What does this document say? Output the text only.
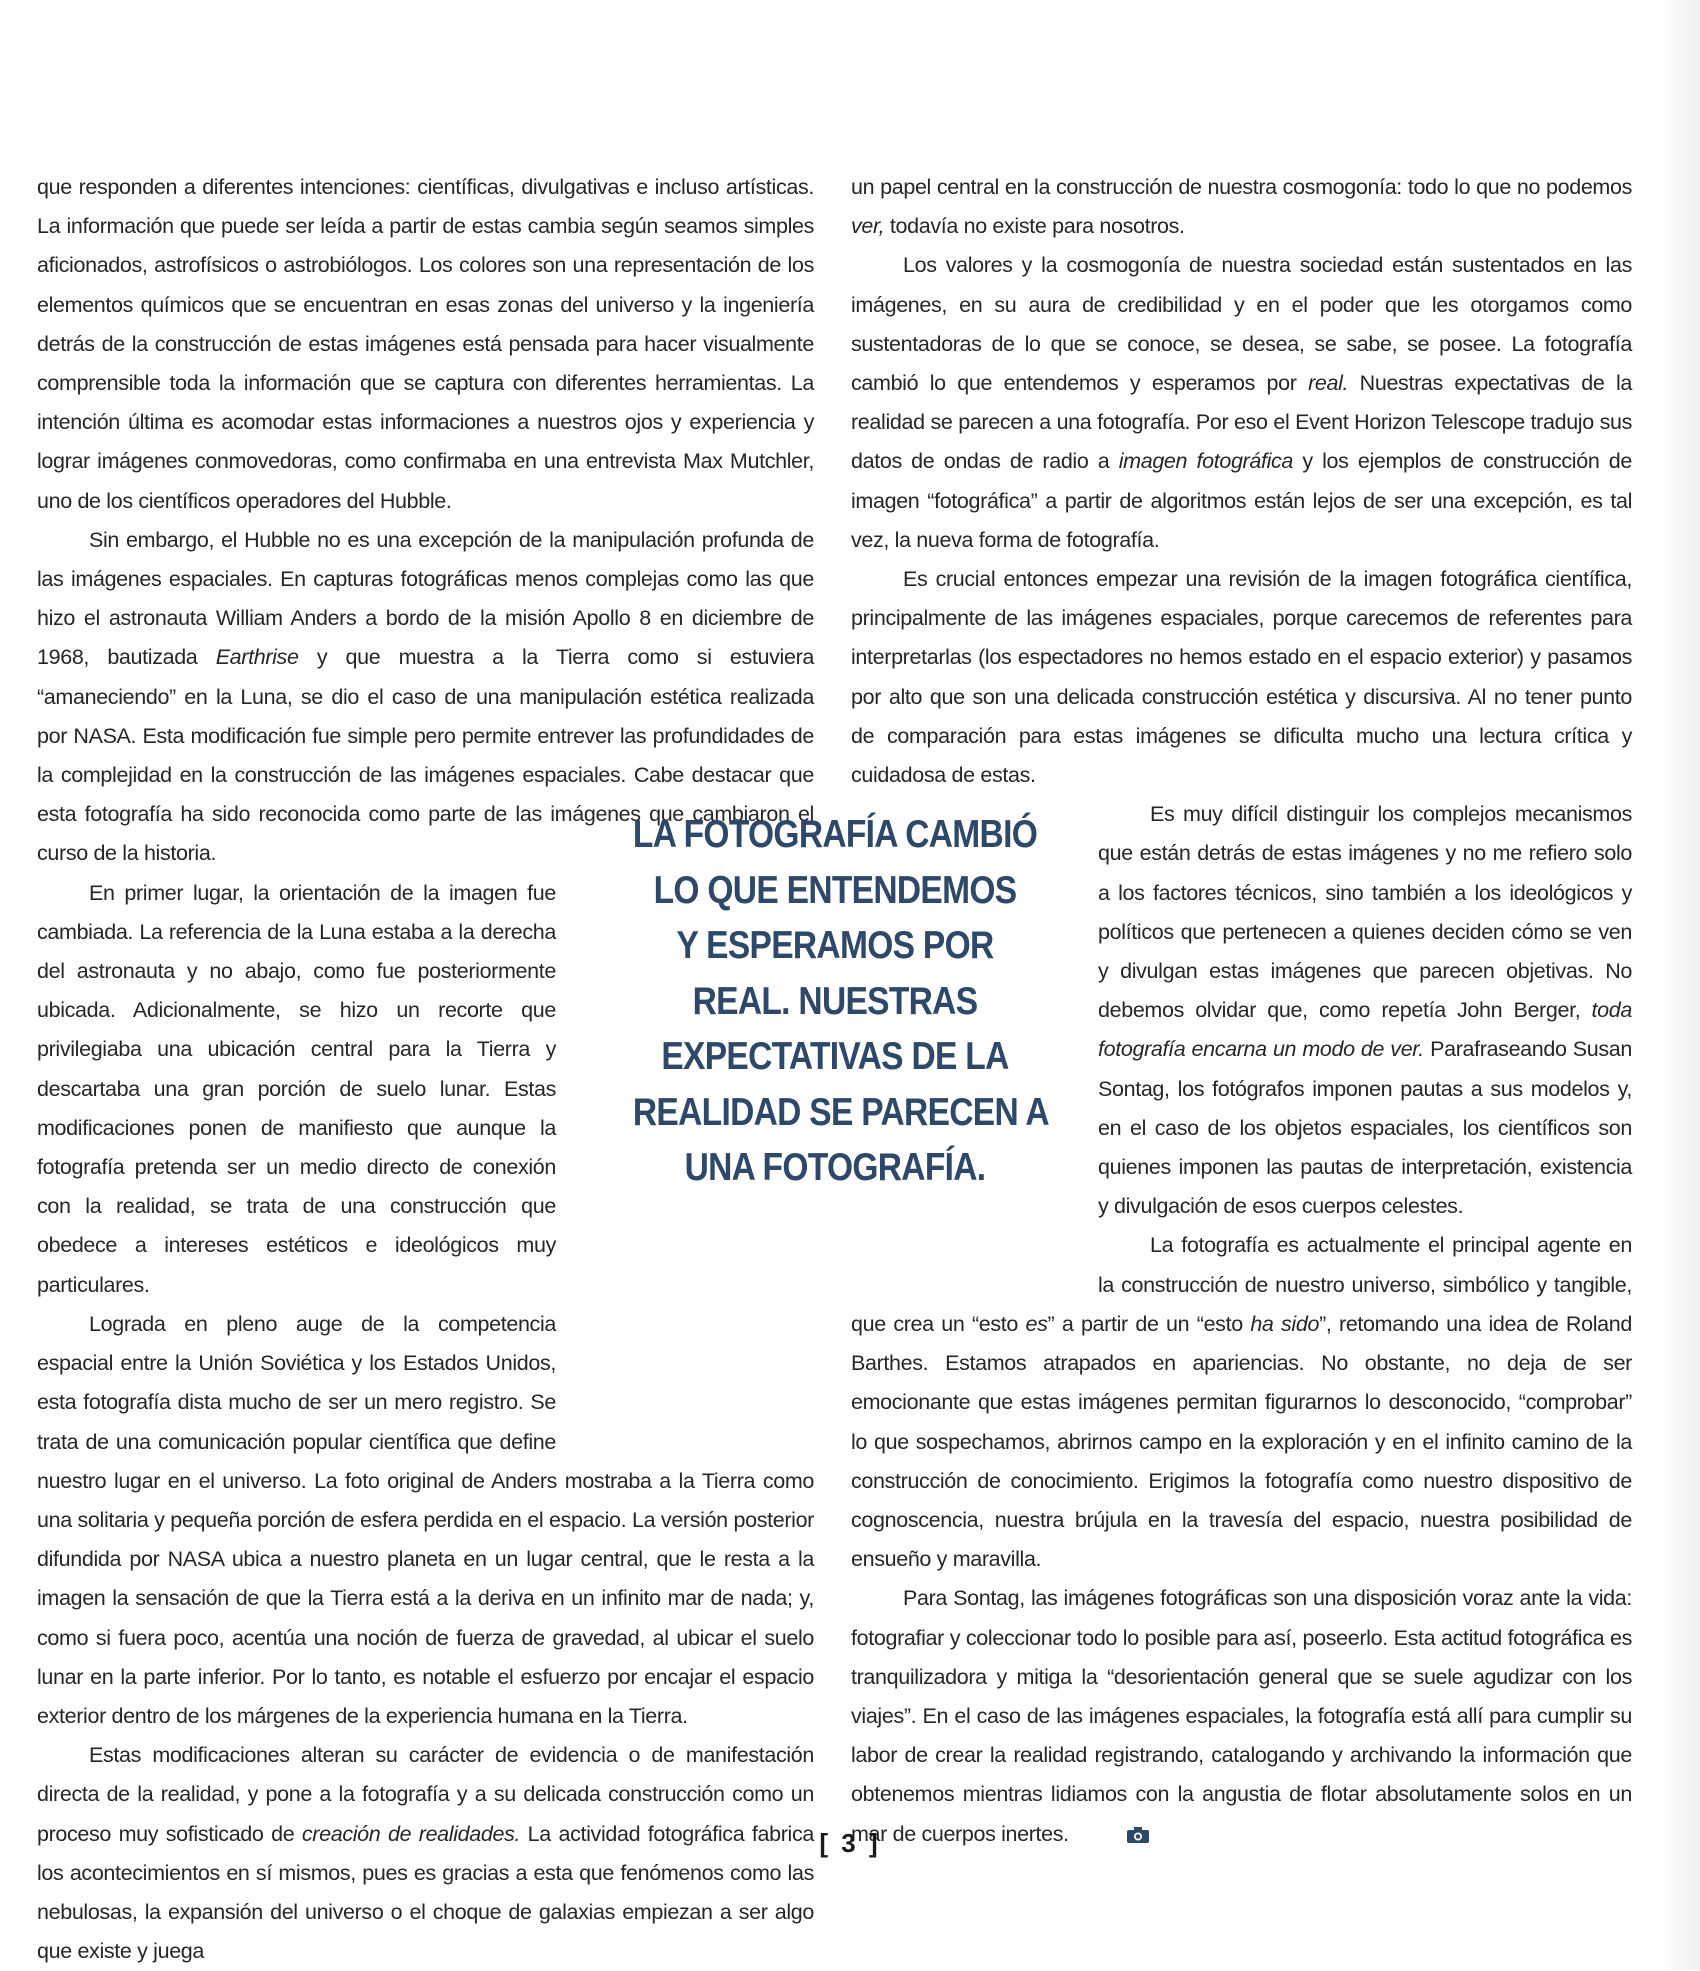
que responden a diferentes intenciones: científicas, divulgativas e incluso artísticas. La información que puede ser leída a partir de estas cambia según seamos simples aficionados, astrofísicos o astrobiólogos. Los colores son una representación de los elementos químicos que se encuentran en esas zonas del universo y la ingeniería detrás de la construcción de estas imágenes está pensada para hacer visualmente comprensible toda la información que se captura con diferentes herramientas. La intención última es acomodar estas informaciones a nuestros ojos y experiencia y lograr imágenes conmovedoras, como confirmaba en una entrevista Max Mutchler, uno de los científicos operadores del Hubble.

Sin embargo, el Hubble no es una excepción de la manipulación profunda de las imágenes espaciales. En capturas fotográficas menos complejas como las que hizo el astronauta William Anders a bordo de la misión Apollo 8 en diciembre de 1968, bautizada Earthrise y que muestra a la Tierra como si estuviera “amaneciendo” en la Luna, se dio el caso de una manipulación estética realizada por NASA. Esta modificación fue simple pero permite entrever las profundidades de la complejidad en la construcción de las imágenes espaciales. Cabe destacar que esta fotografía ha sido reconocida como parte de las imágenes que cambiaron el curso de la historia.

En primer lugar, la orientación de la imagen fue cambiada. La referencia de la Luna estaba a la derecha del astronauta y no abajo, como fue posteriormente ubicada. Adicionalmente, se hizo un recorte que privilegiaba una ubicación central para la Tierra y descartaba una gran porción de suelo lunar. Estas modificaciones ponen de manifiesto que aunque la fotografía pretenda ser un medio directo de conexión con la realidad, se trata de una construcción que obedece a intereses estéticos e ideológicos muy particulares.

Lograda en pleno auge de la competencia espacial entre la Unión Soviética y los Estados Unidos, esta fotografía dista mucho de ser un mero registro. Se trata de una comunicación popular científica que define nuestro lugar en el universo. La foto original de Anders mostraba a la Tierra como una solitaria y pequeña porción de esfera perdida en el espacio. La versión posterior difundida por NASA ubica a nuestro planeta en un lugar central, que le resta a la imagen la sensación de que la Tierra está a la deriva en un infinito mar de nada; y, como si fuera poco, acentúa una noción de fuerza de gravedad, al ubicar el suelo lunar en la parte inferior. Por lo tanto, es notable el esfuerzo por encajar el espacio exterior dentro de los márgenes de la experiencia humana en la Tierra.

Estas modificaciones alteran su carácter de evidencia o de manifestación directa de la realidad, y pone a la fotografía y a su delicada construcción como un proceso muy sofisticado de creación de realidades. La actividad fotográfica fabrica los acontecimientos en sí mismos, pues es gracias a esta que fenómenos como las nebulosas, la expansión del universo o el choque de galaxias empiezan a ser algo que existe y juega

un papel central en la construcción de nuestra cosmogonía: todo lo que no podemos ver, todavía no existe para nosotros.

Los valores y la cosmogonía de nuestra sociedad están sustentados en las imágenes, en su aura de credibilidad y en el poder que les otorgamos como sustentadoras de lo que se conoce, se desea, se sabe, se posee. La fotografía cambió lo que entendemos y esperamos por real. Nuestras expectativas de la realidad se parecen a una fotografía. Por eso el Event Horizon Telescope tradujo sus datos de ondas de radio a imagen fotográfica y los ejemplos de construcción de imagen “fotográfica” a partir de algoritmos están lejos de ser una excepción, es tal vez, la nueva forma de fotografía.

Es crucial entonces empezar una revisión de la imagen fotográfica científica, principalmente de las imágenes espaciales, porque carecemos de referentes para interpretarlas (los espectadores no hemos estado en el espacio exterior) y pasamos por alto que son una delicada construcción estética y discursiva. Al no tener punto de comparación para estas imágenes se dificulta mucho una lectura crítica y cuidadosa de estas.

Es muy difícil distinguir los complejos mecanismos que están detrás de estas imágenes y no me refiero solo a los factores técnicos, sino también a los ideológicos y políticos que pertenecen a quienes deciden cómo se ven y divulgan estas imágenes que parecen objetivas. No debemos olvidar que, como repetía John Berger, toda fotografía encarna un modo de ver. Parafraseando Susan Sontag, los fotógrafos imponen pautas a sus modelos y, en el caso de los objetos espaciales, los científicos son quienes imponen las pautas de interpretación, existencia y divulgación de esos cuerpos celestes.

La fotografía es actualmente el principal agente en la construcción de nuestro universo, simbólico y tangible, que crea un “esto es” a partir de un “esto ha sido”, retomando una idea de Roland Barthes. Estamos atrapados en apariencias. No obstante, no deja de ser emocionante que estas imágenes permitan figurarnos lo desconocido, “comprobar” lo que sospechamos, abrirnos campo en la exploración y en el infinito camino de la construcción de conocimiento. Erigimos la fotografía como nuestro dispositivo de cognoscencia, nuestra brújula en la travesía del espacio, nuestra posibilidad de ensueño y maravilla.

Para Sontag, las imágenes fotográficas son una disposición voraz ante la vida: fotografiar y coleccionar todo lo posible para así, poseerlo. Esta actitud fotográfica es tranquilizadora y mitiga la “desorientación general que se suele agudizar con los viajes”. En el caso de las imágenes espaciales, la fotografía está allí para cumplir su labor de crear la realidad registrando, catalogando y archivando la información que obtenemos mientras lidiamos con la angustia de flotar absolutamente solos en un mar de cuerpos inertes.

LA FOTOGRAFÍA CAMBIÓ
LO QUE ENTENDEMOS
Y ESPERAMOS POR
REAL. NUESTRAS
EXPECTATIVAS DE LA
REALIDAD SE PARECEN A
UNA FOTOGRAFÍA.
[ 3 ]
